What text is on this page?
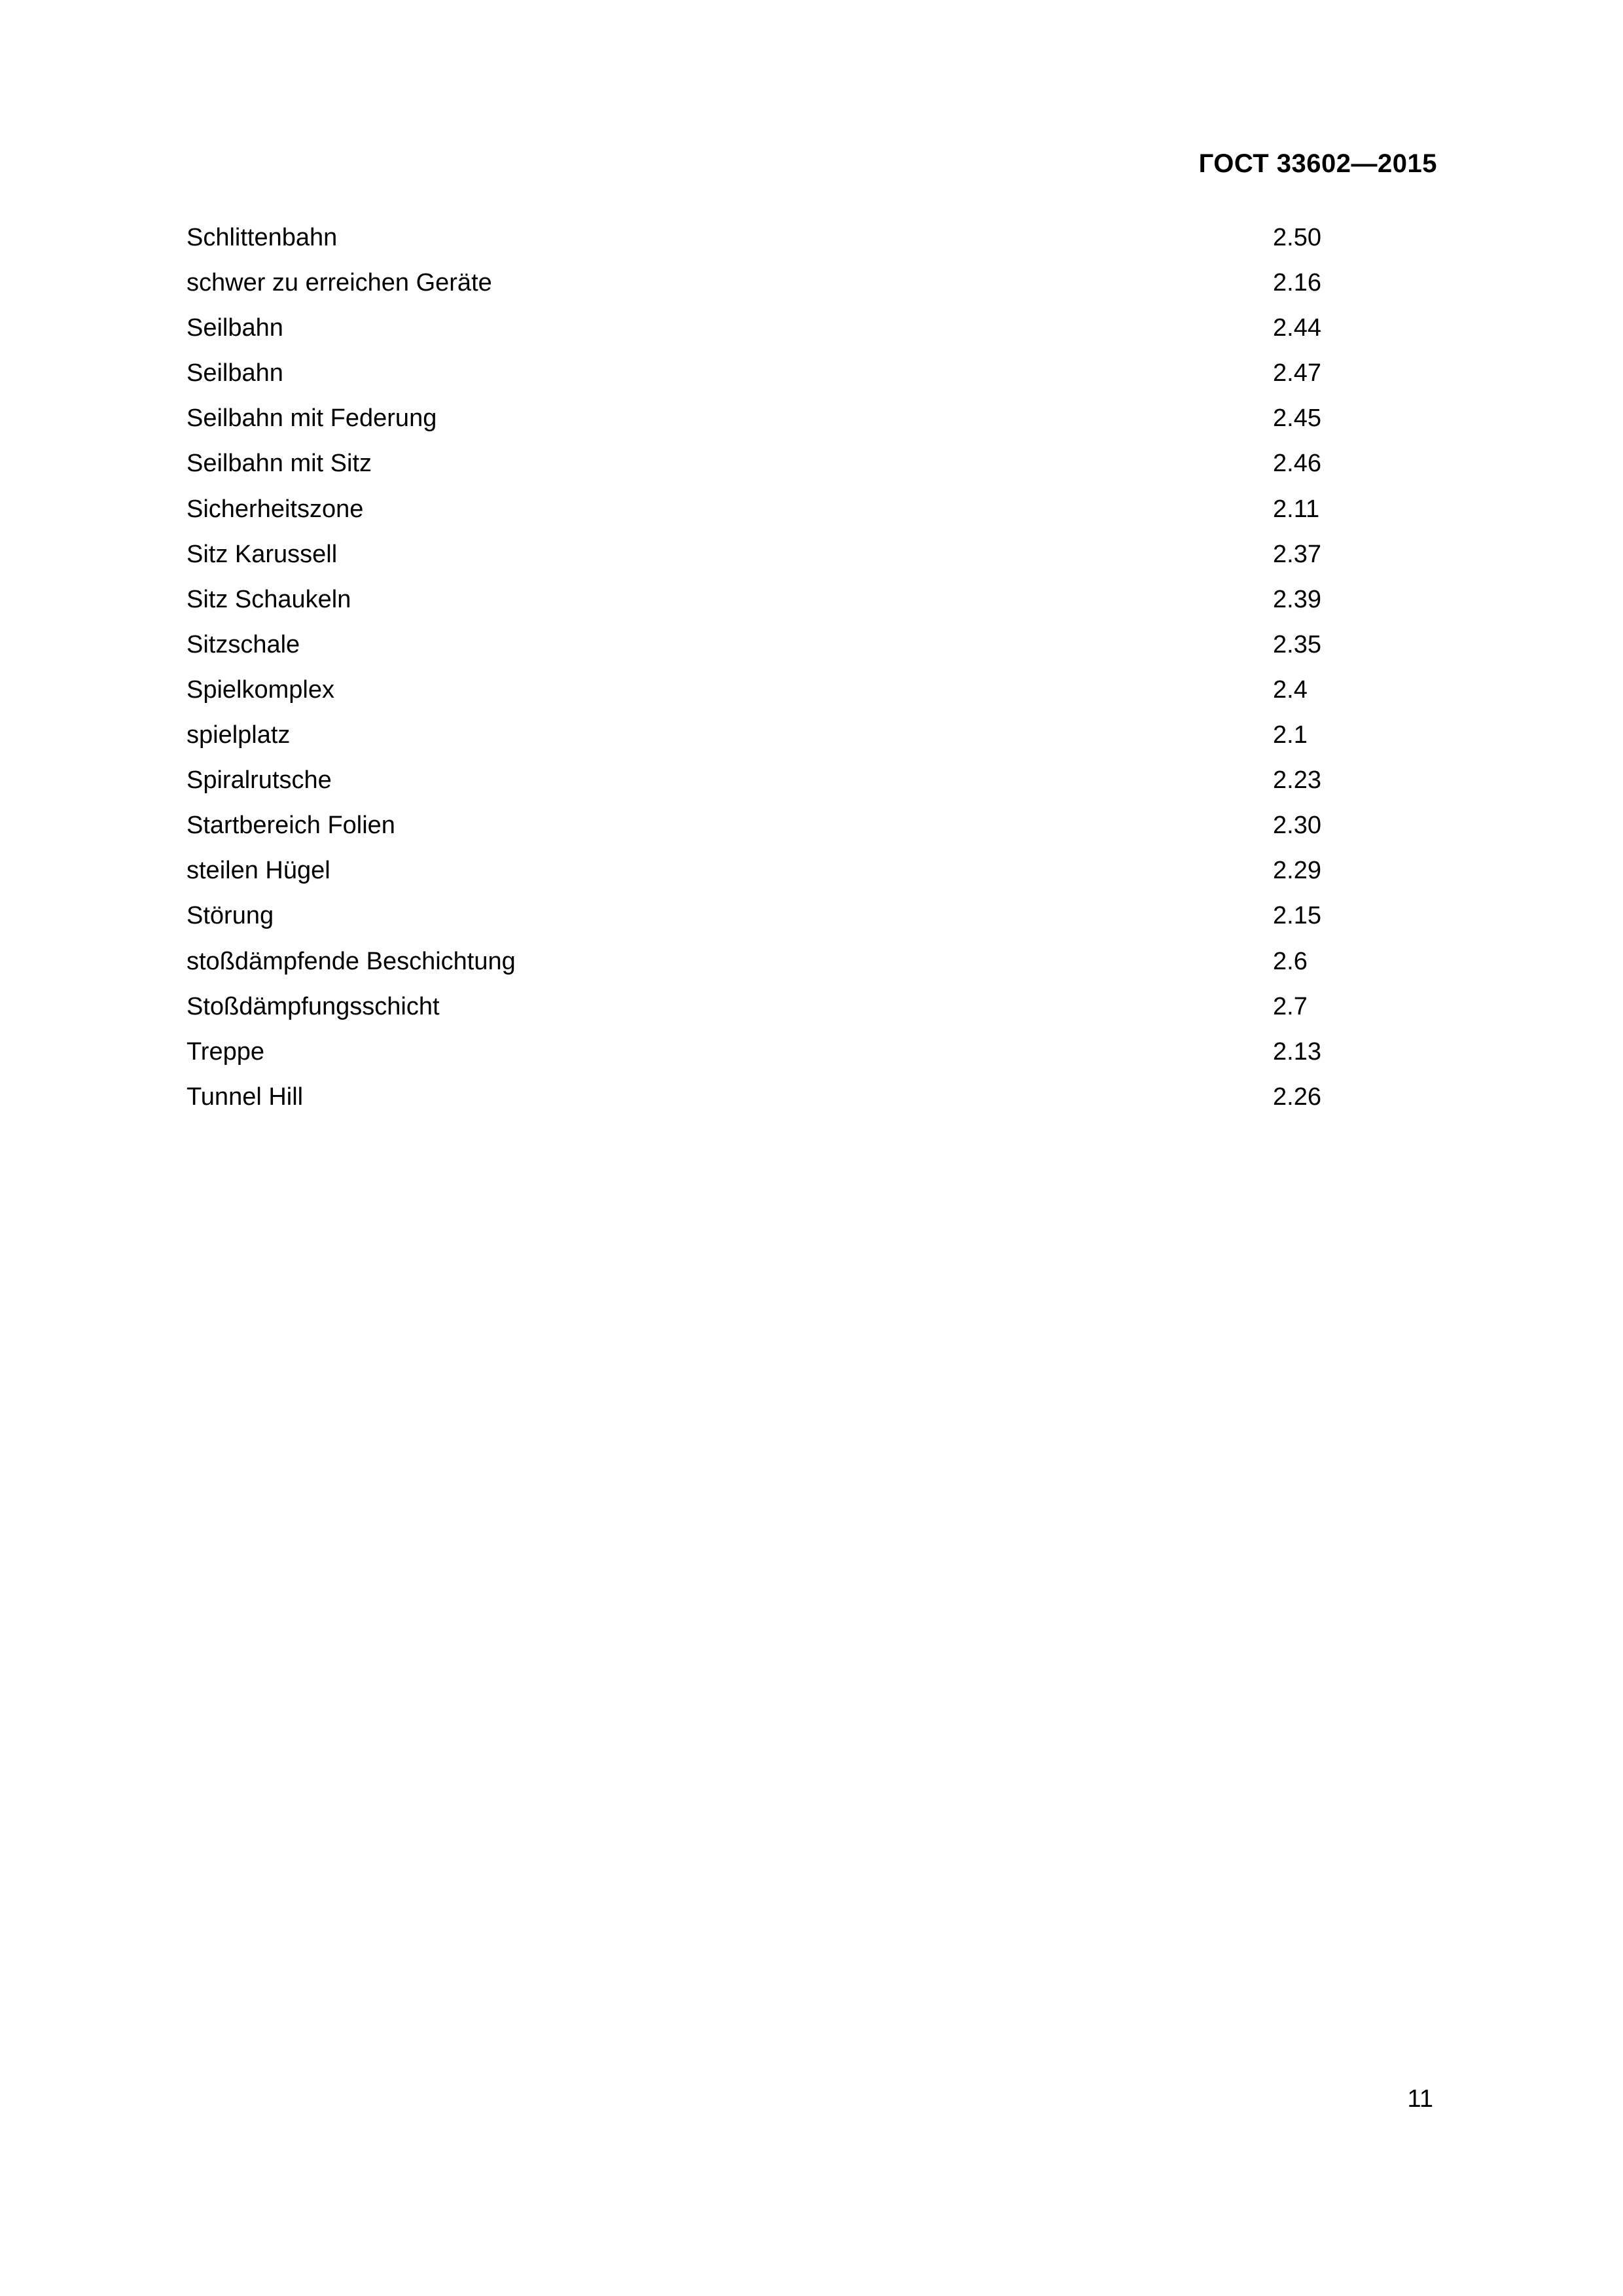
ГОСТ 33602—2015
Schlittenbahn	2.50
schwer zu erreichen Geräte	2.16
Seilbahn	2.44
Seilbahn	2.47
Seilbahn mit Federung	2.45
Seilbahn mit Sitz	2.46
Sicherheitszone	2.11
Sitz Karussell	2.37
Sitz Schaukeln	2.39
Sitzschale	2.35
Spielkomplex	2.4
spielplatz	2.1
Spiralrutsche	2.23
Startbereich Folien	2.30
steilen Hügel	2.29
Störung	2.15
stoßdämpfende Beschichtung	2.6
Stoßdämpfungsschicht	2.7
Treppe	2.13
Tunnel Hill	2.26
11
